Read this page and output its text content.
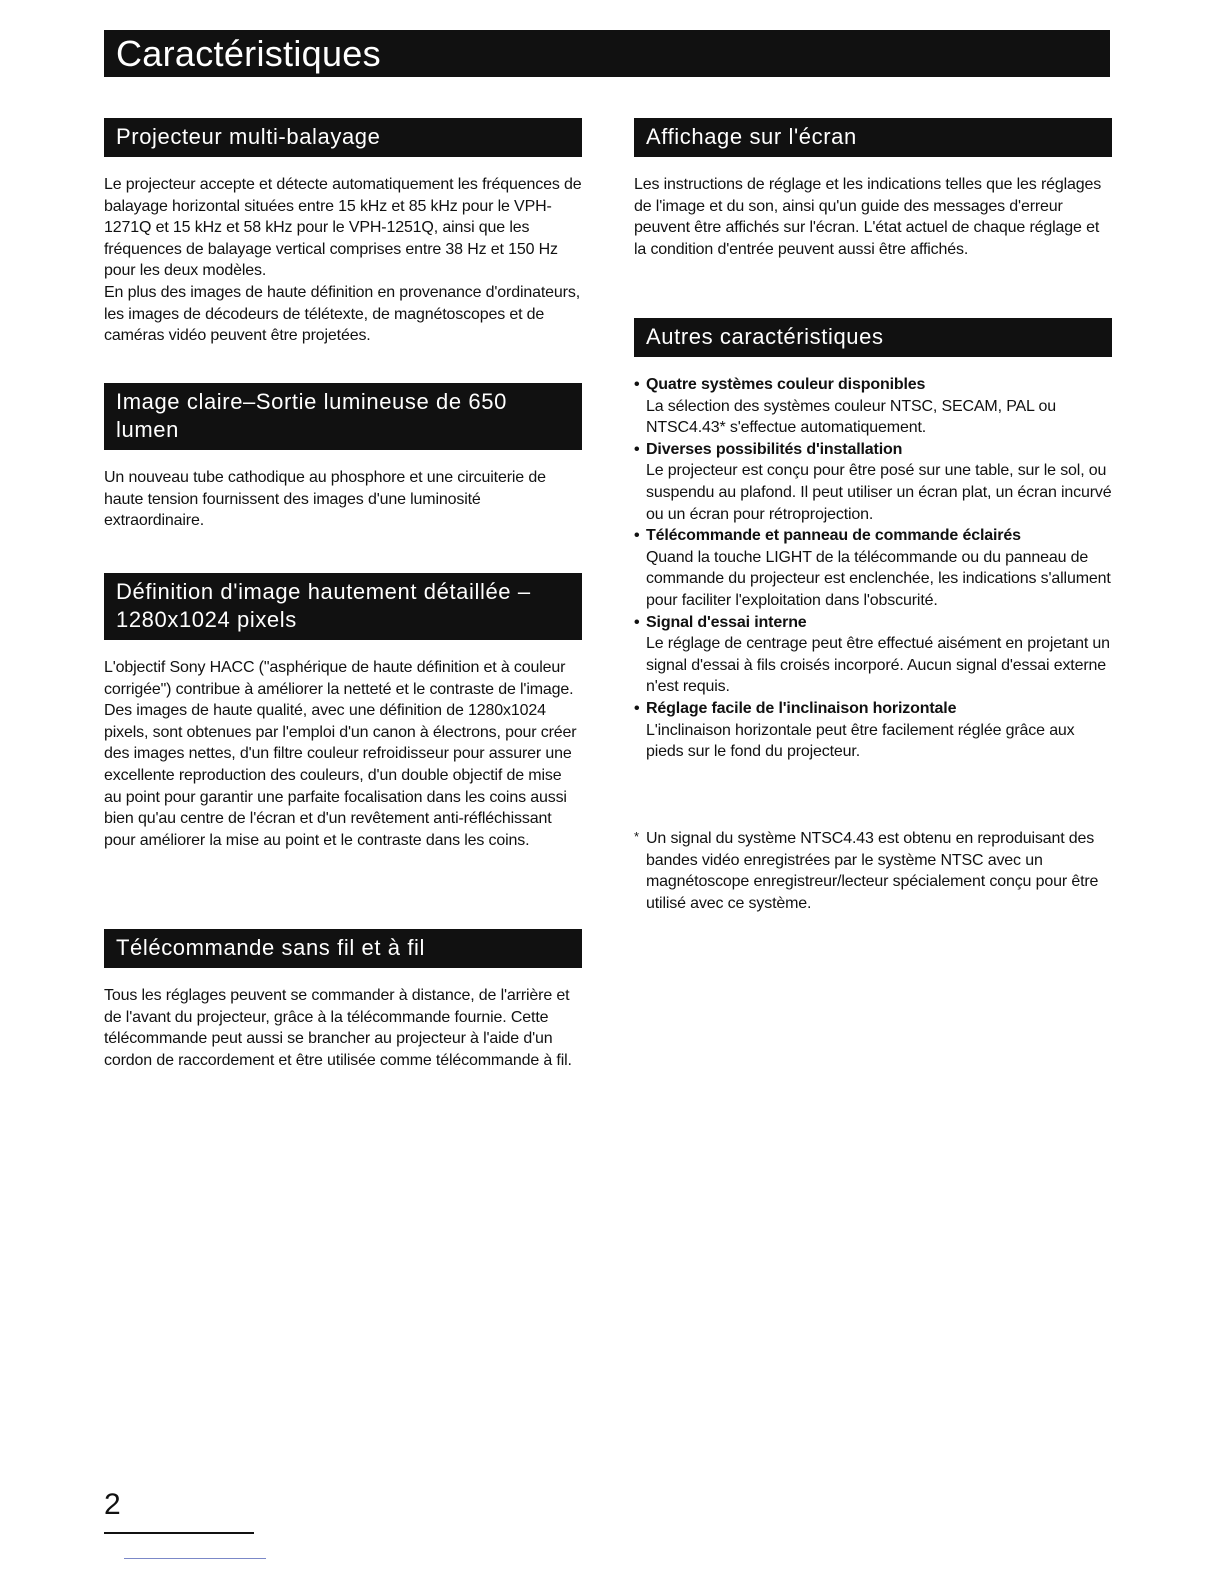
Caractéristiques
Projecteur multi-balayage

Le projecteur accepte et détecte automatiquement les fréquences de balayage horizontal situées entre 15 kHz et 85 kHz pour le VPH-1271Q et 15 kHz et 58 kHz pour le VPH-1251Q, ainsi que les fréquences de balayage vertical comprises entre 38 Hz et 150 Hz pour les deux modèles.

En plus des images de haute définition en provenance d'ordinateurs, les images de décodeurs de télétexte, de magnétoscopes et de caméras vidéo peuvent être projetées.

Image claire–Sortie lumineuse de 650 lumen

Un nouveau tube cathodique au phosphore et une circuiterie de haute tension fournissent des images d'une luminosité extraordinaire.

Définition d'image hautement détaillée – 1280x1024 pixels

L'objectif Sony HACC ("asphérique de haute définition et à couleur corrigée") contribue à améliorer la netteté et le contraste de l'image.

Des images de haute qualité, avec une définition de 1280x1024 pixels, sont obtenues par l'emploi d'un canon à électrons, pour créer des images nettes, d'un filtre couleur refroidisseur pour assurer une excellente reproduction des couleurs, d'un double objectif de mise au point pour garantir une parfaite focalisation dans les coins aussi bien qu'au centre de l'écran et d'un revêtement anti-réfléchissant pour améliorer la mise au point et le contraste dans les coins.

Télécommande sans fil et à fil

Tous les réglages peuvent se commander à distance, de l'arrière et de l'avant du projecteur, grâce à la télécommande fournie. Cette télécommande peut aussi se brancher au projecteur à l'aide d'un cordon de raccordement et être utilisée comme télécommande à fil.

Affichage sur l'écran

Les instructions de réglage et les indications telles que les réglages de l'image et du son, ainsi qu'un guide des messages d'erreur peuvent être affichés sur l'écran. L'état actuel de chaque réglage et la condition d'entrée peuvent aussi être affichés.

Autres caractéristiques
• Quatre systèmes couleur disponibles
La sélection des systèmes couleur NTSC, SECAM, PAL ou NTSC4.43* s'effectue automatiquement.
• Diverses possibilités d'installation
Le projecteur est conçu pour être posé sur une table, sur le sol, ou suspendu au plafond. Il peut utiliser un écran plat, un écran incurvé ou un écran pour rétroprojection.
• Télécommande et panneau de commande éclairés
Quand la touche LIGHT de la télécommande ou du panneau de commande du projecteur est enclenchée, les indications s'allument pour faciliter l'exploitation dans l'obscurité.
• Signal d'essai interne
Le réglage de centrage peut être effectué aisément en projetant un signal d'essai à fils croisés incorporé. Aucun signal d'essai externe n'est requis.
• Réglage facile de l'inclinaison horizontale
L'inclinaison horizontale peut être facilement réglée grâce aux pieds sur le fond du projecteur.
* Un signal du système NTSC4.43 est obtenu en reproduisant des bandes vidéo enregistrées par le système NTSC avec un magnétoscope enregistreur/lecteur spécialement conçu pour être utilisé avec ce système.
2
